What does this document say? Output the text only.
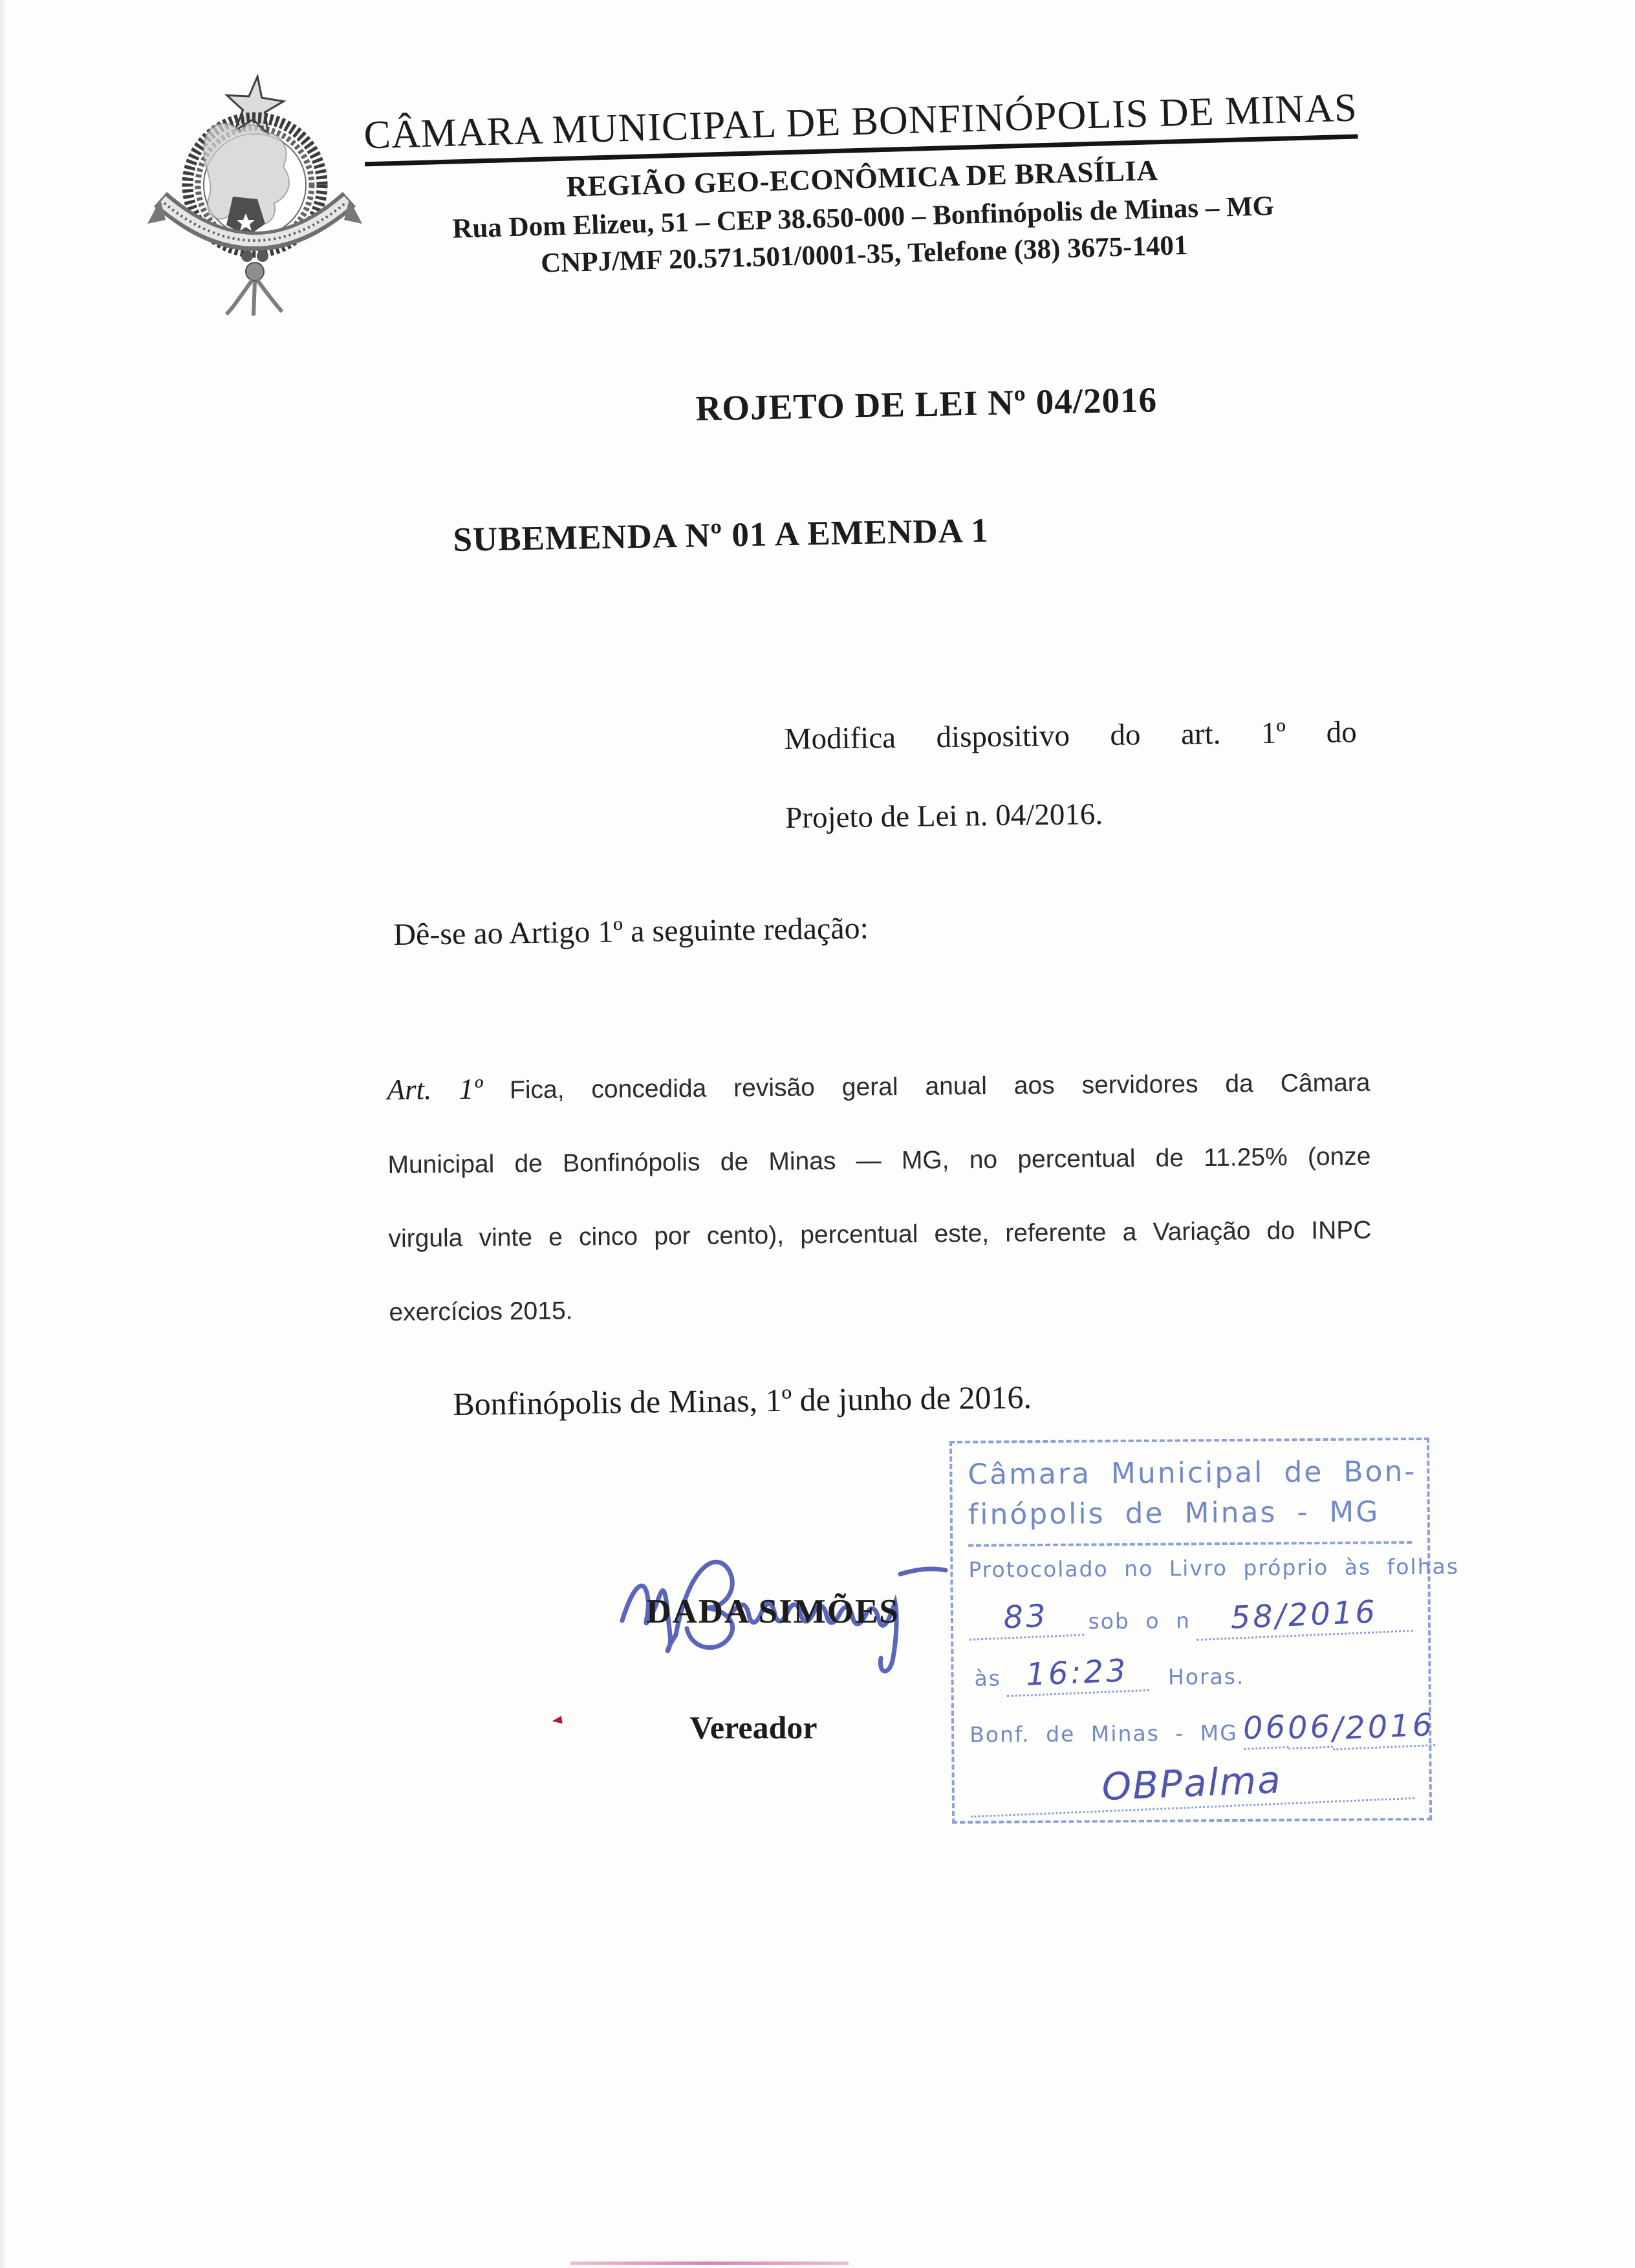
CÂMARA MUNICIPAL DE BONFINÓPOLIS DE MINAS
REGIÃO GEO-ECONÔMICA DE BRASÍLIA
Rua Dom Elizeu, 51 – CEP 38.650-000 – Bonfinópolis de Minas – MG
CNPJ/MF 20.571.501/0001-35, Telefone (38) 3675-1401
ROJETO DE LEI Nº 04/2016
SUBEMENDA Nº 01 A EMENDA 1
Modifica dispositivo do art. 1º do
Projeto de Lei n. 04/2016.
Dê-se ao Artigo 1º a seguinte redação:
Art. 1º Fica, concedida revisão geral anual aos servidores da Câmara
Municipal de Bonfinópolis de Minas — MG, no percentual de 11.25% (onze
virgula vinte e cinco por cento), percentual este, referente a Variação do INPC
exercícios 2015.
Bonfinópolis de Minas, 1º de junho de 2016.
DADA SIMÕES
Vereador
Câmara Municipal de Bon-
finópolis de Minas - MG
Protocolado no Livro próprio às folhas
83	sob o n	58/2016
às 16:23	Horas.
Bonf. de Minas - MG 06
06
/2016
OBPalma
